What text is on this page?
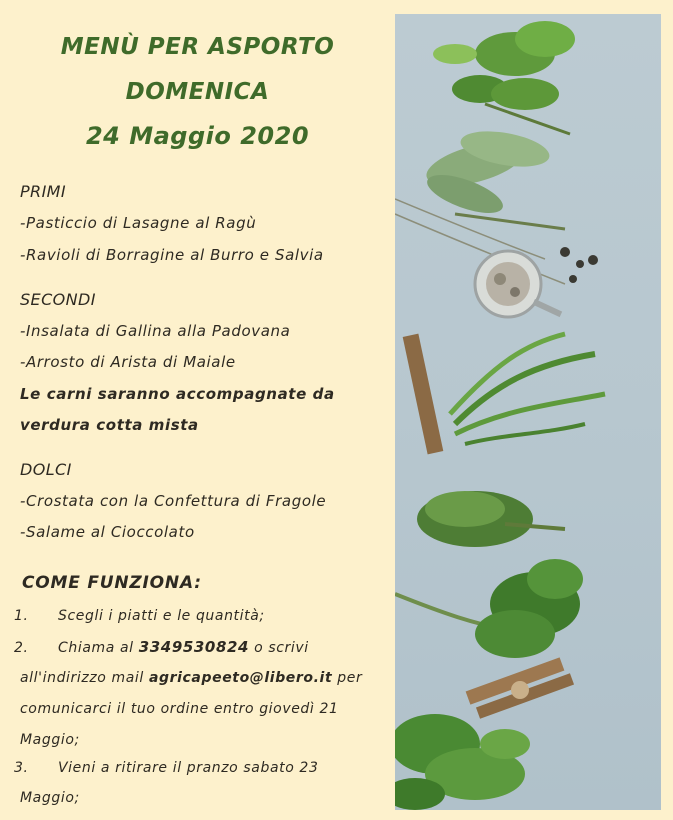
MENÙ PER ASPORTO
DOMENICA
24 Maggio 2020
PRIMI
-Pasticcio di Lasagne al Ragù
-Ravioli di Borragine al Burro e Salvia
SECONDI
-Insalata di Gallina alla Padovana
-Arrosto di Arista di Maiale
Le carni saranno accompagnate da
verdura cotta mista
DOLCI
-Crostata con la Confettura di Fragole
-Salame al Cioccolato
COME FUNZIONA:
1. Scegli i piatti e le quantità;
2. Chiama al 3349530824 o scrivi
all'indirizzo mail agricapeeto@libero.it per
comunicarci il tuo ordine entro giovedì 21
Maggio;
3. Vieni a ritirare il pranzo sabato 23
Maggio;
